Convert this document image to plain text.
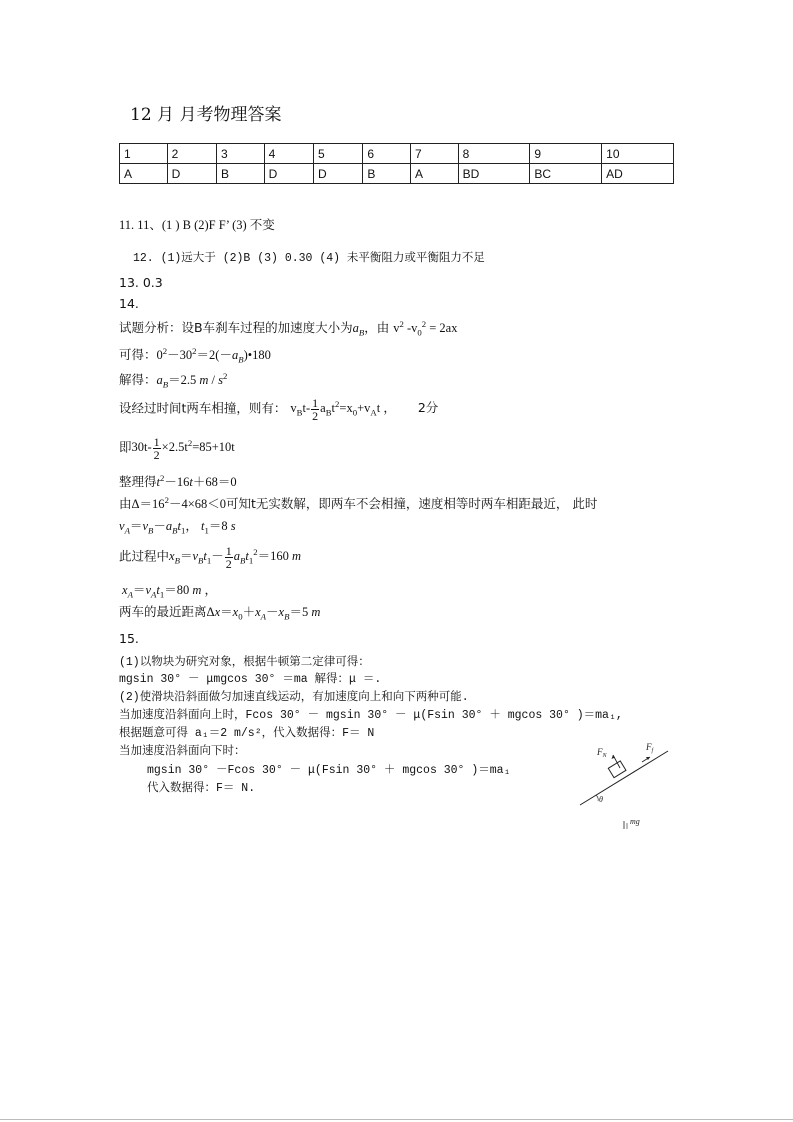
12 月 月考物理答案
1	2	3	4	5	6	7	8	9	10
A	D	B	D	D	B	A	BD	BC	AD
11. 11、(1 ) B (2)F F’ (3) 不变
12. (1)远大于 (2)B (3) 0.30 (4) 未平衡阻力或平衡阻力不足
13. 0.3
14.
试题分析：设B车刹车过程的加速度大小为$a_B$，由 $v^2$ $-v_0^2 = 2ax$
可得：$0^2-30^2=2(-a_B)•180$
解得：$a_B=2.5$ m / $s^2$
设经过时间t两车相撞，则有： $v_Bt- \frac{1}{2} a_Bt^2=x_0+v_At$ ， 2分
即$30t- \frac{1}{2} \times 2.5t^2=85+10t$
整理得$t^2-16t+68=0$
由$\Delta=16^2-4\times 68<0$可知t无实数解，即两车不会相撞，速度相等时两车相距最近， 此时
$v_A=v_B-a_Bt_1$， $t_1=8$ s
此过程中$x_B=v_Bt_1- \frac{1}{2} a_Bt_1^2=160$ m
$x_A=v_At_1=80$ m ，
两车的最近距离$\Delta x=x_0+x_A-x_B=5$ m
15.
(1)以物块为研究对象，根据牛顿第二定律可得：
mgsin 30° － μmgcos 30° ＝ma 解得：μ ＝.
(2)使滑块沿斜面做匀加速直线运动，有加速度向上和向下两种可能.
当加速度沿斜面向上时，Fcos 30° － mgsin 30° － μ(Fsin 30° ＋ mgcos 30° )＝ma₁,
根据题意可得 a₁＝2 m/s²，代入数据得：F＝ N
当加速度沿斜面向下时：
mgsin 30° －Fcos 30° － μ(Fsin 30° ＋ mgcos 30° )＝ma₁
代入数据得：F＝ N.
$F_N$
$F_f$
θ
mg
